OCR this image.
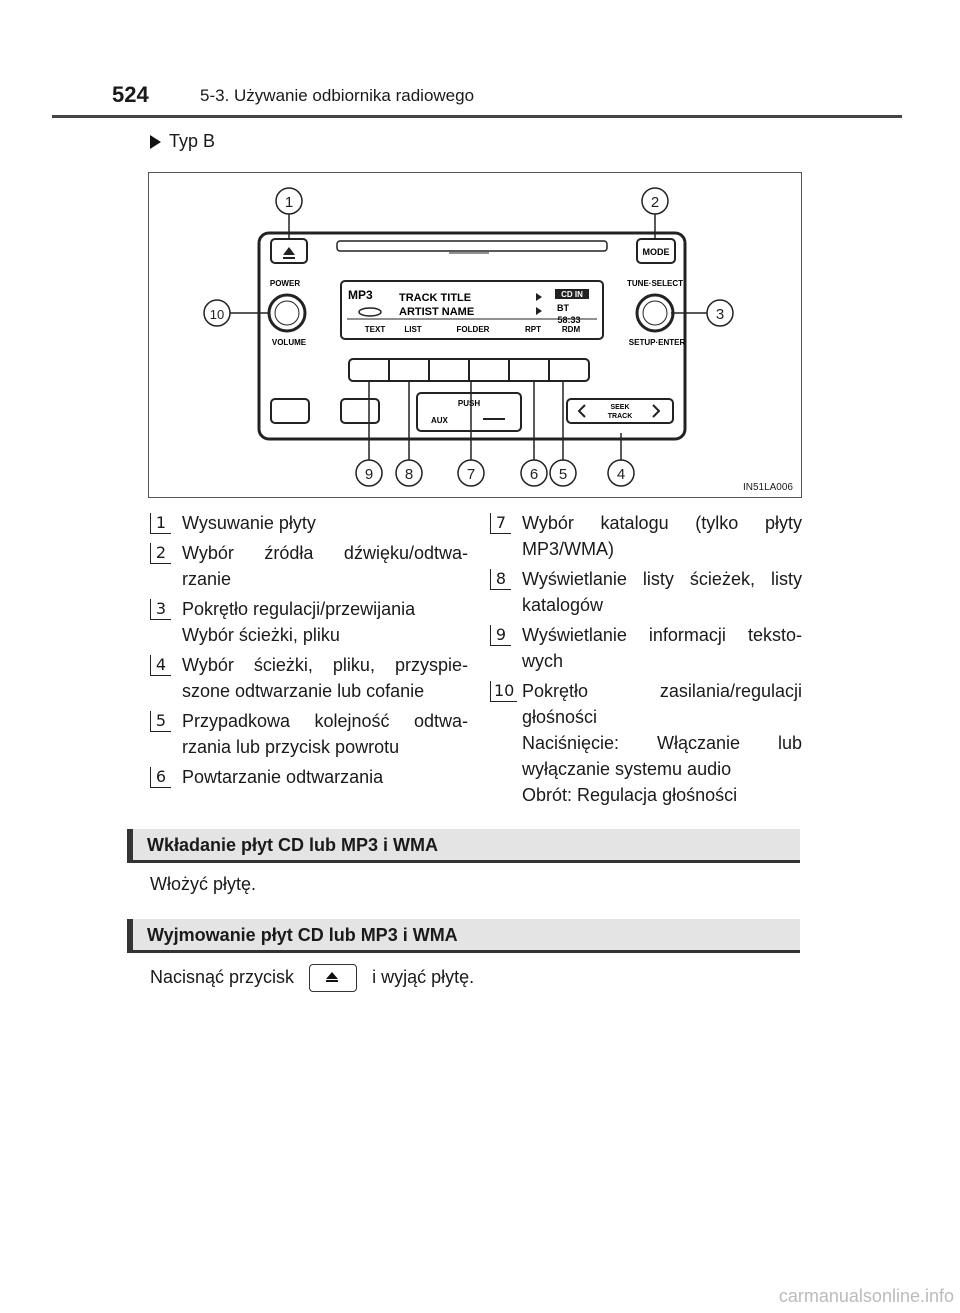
524	5-3. Używanie odbiornika radiowego
Typ B
MODE
POWER
VOLUME
TUNE·SELECT
SETUP·ENTER
MP3 TRACK TITLE
ARTIST NAME
CD IN
BT
58:33
TEXT LIST	FOLDER	RPT	RDM
PUSH
AUX
SEEK
TRACK
1	2
3
4
5
6
7
8
9
10
IN51LA006
1 Wysuwanie płyty
2 Wybór źródła dźwięku/odtwa-
rzanie
3 Pokrętło regulacji/przewijania
Wybór ścieżki, pliku
4 Wybór ścieżki, pliku, przyspie-
szone odtwarzanie lub cofanie
5 Przypadkowa kolejność odtwa-
rzania lub przycisk powrotu
6 Powtarzanie odtwarzania
7 Wybór katalogu (tylko płyty
MP3/WMA)
8 Wyświetlanie listy ścieżek, listy
katalogów
9 Wyświetlanie informacji teksto-
wych
10 Pokrętło zasilania/regulacji
głośności
Naciśnięcie: Włączanie lub
wyłączanie systemu audio
Obrót: Regulacja głośności
Wkładanie płyt CD lub MP3 i WMA
Włożyć płytę.
Wyjmowanie płyt CD lub MP3 i WMA
Nacisnąć przycisk	i wyjąć płytę.
carmanualsonline.info
